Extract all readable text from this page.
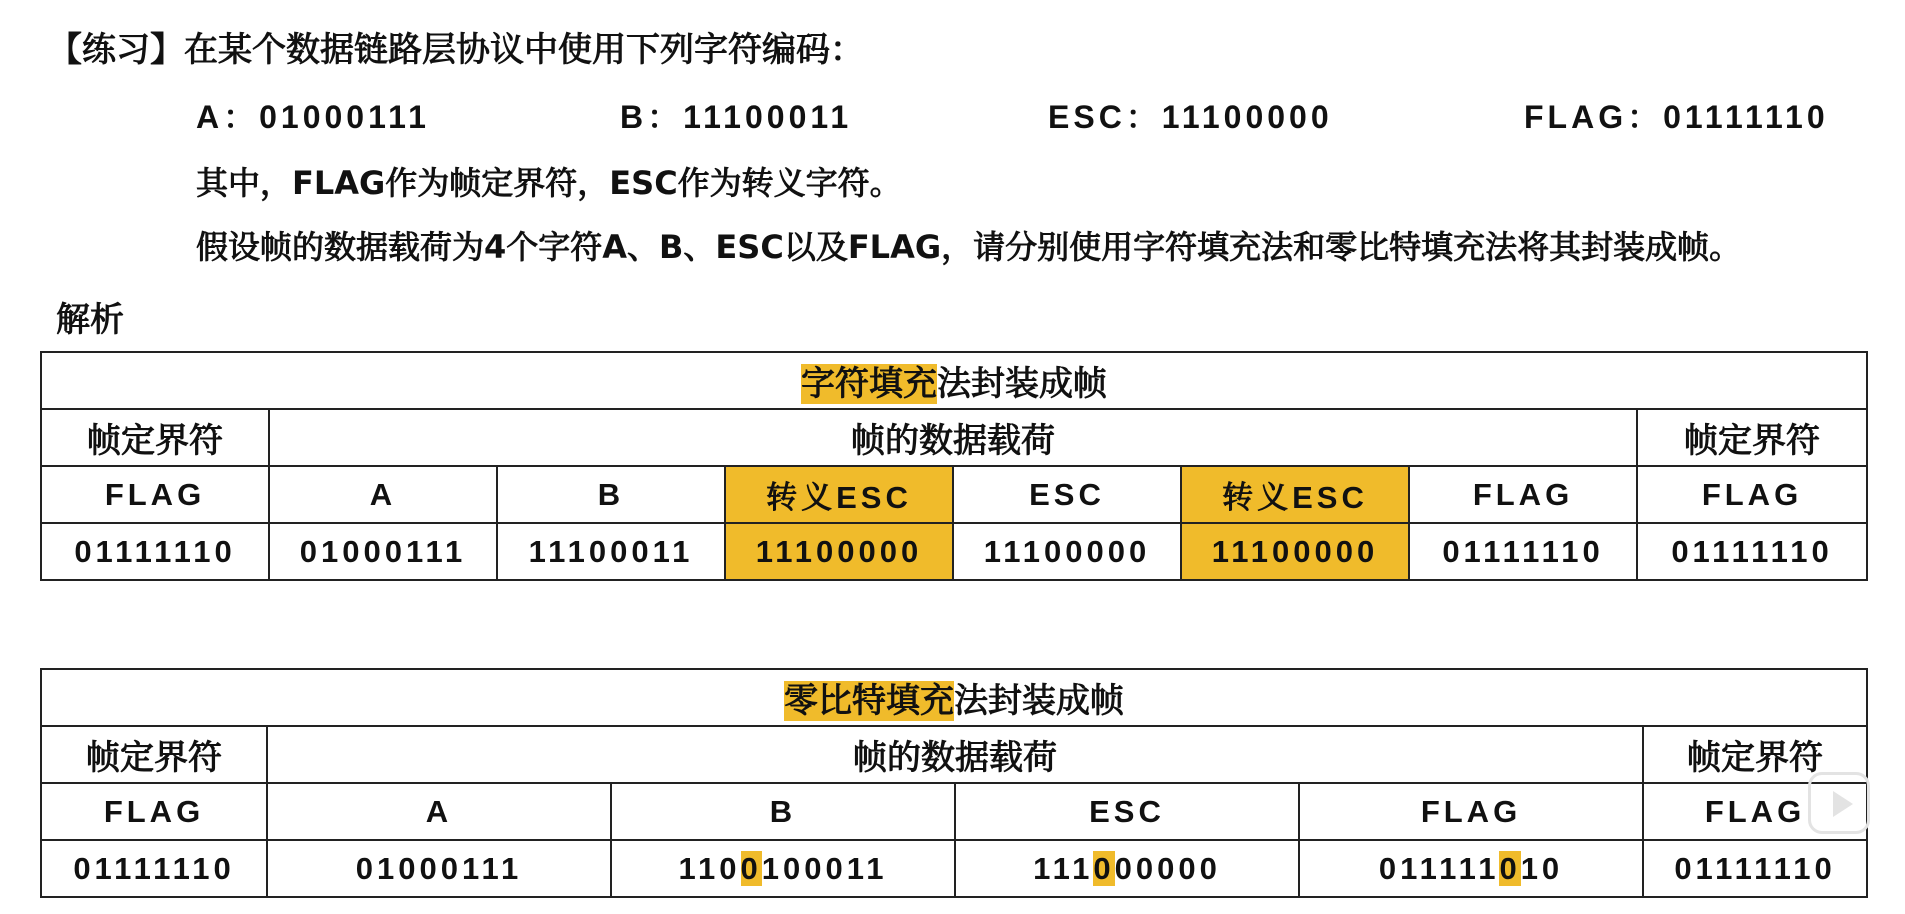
【练习】在某个数据链路层协议中使用下列字符编码：
A：01000111	B：11100011	ESC：11100000	FLAG：01111110
其中，FLAG作为帧定界符，ESC作为转义字符。
假设帧的数据载荷为4个字符A、B、ESC以及FLAG，请分别使用字符填充法和零比特填充法将其封装成帧。
解析
字符填充法封装成帧							
帧定界符	帧的数据载荷						帧定界符
FLAG	A	B	转义ESC	ESC	转义ESC	FLAG	FLAG
01111110	01000111	11100011	11100000	11100000	11100000	01111110	01111110
零比特填充法封装成帧					
帧定界符	帧的数据载荷				帧定界符
FLAG	A	B	ESC	FLAG	FLAG
01111110	01000111	1100100011	111000000	011111010	01111110
